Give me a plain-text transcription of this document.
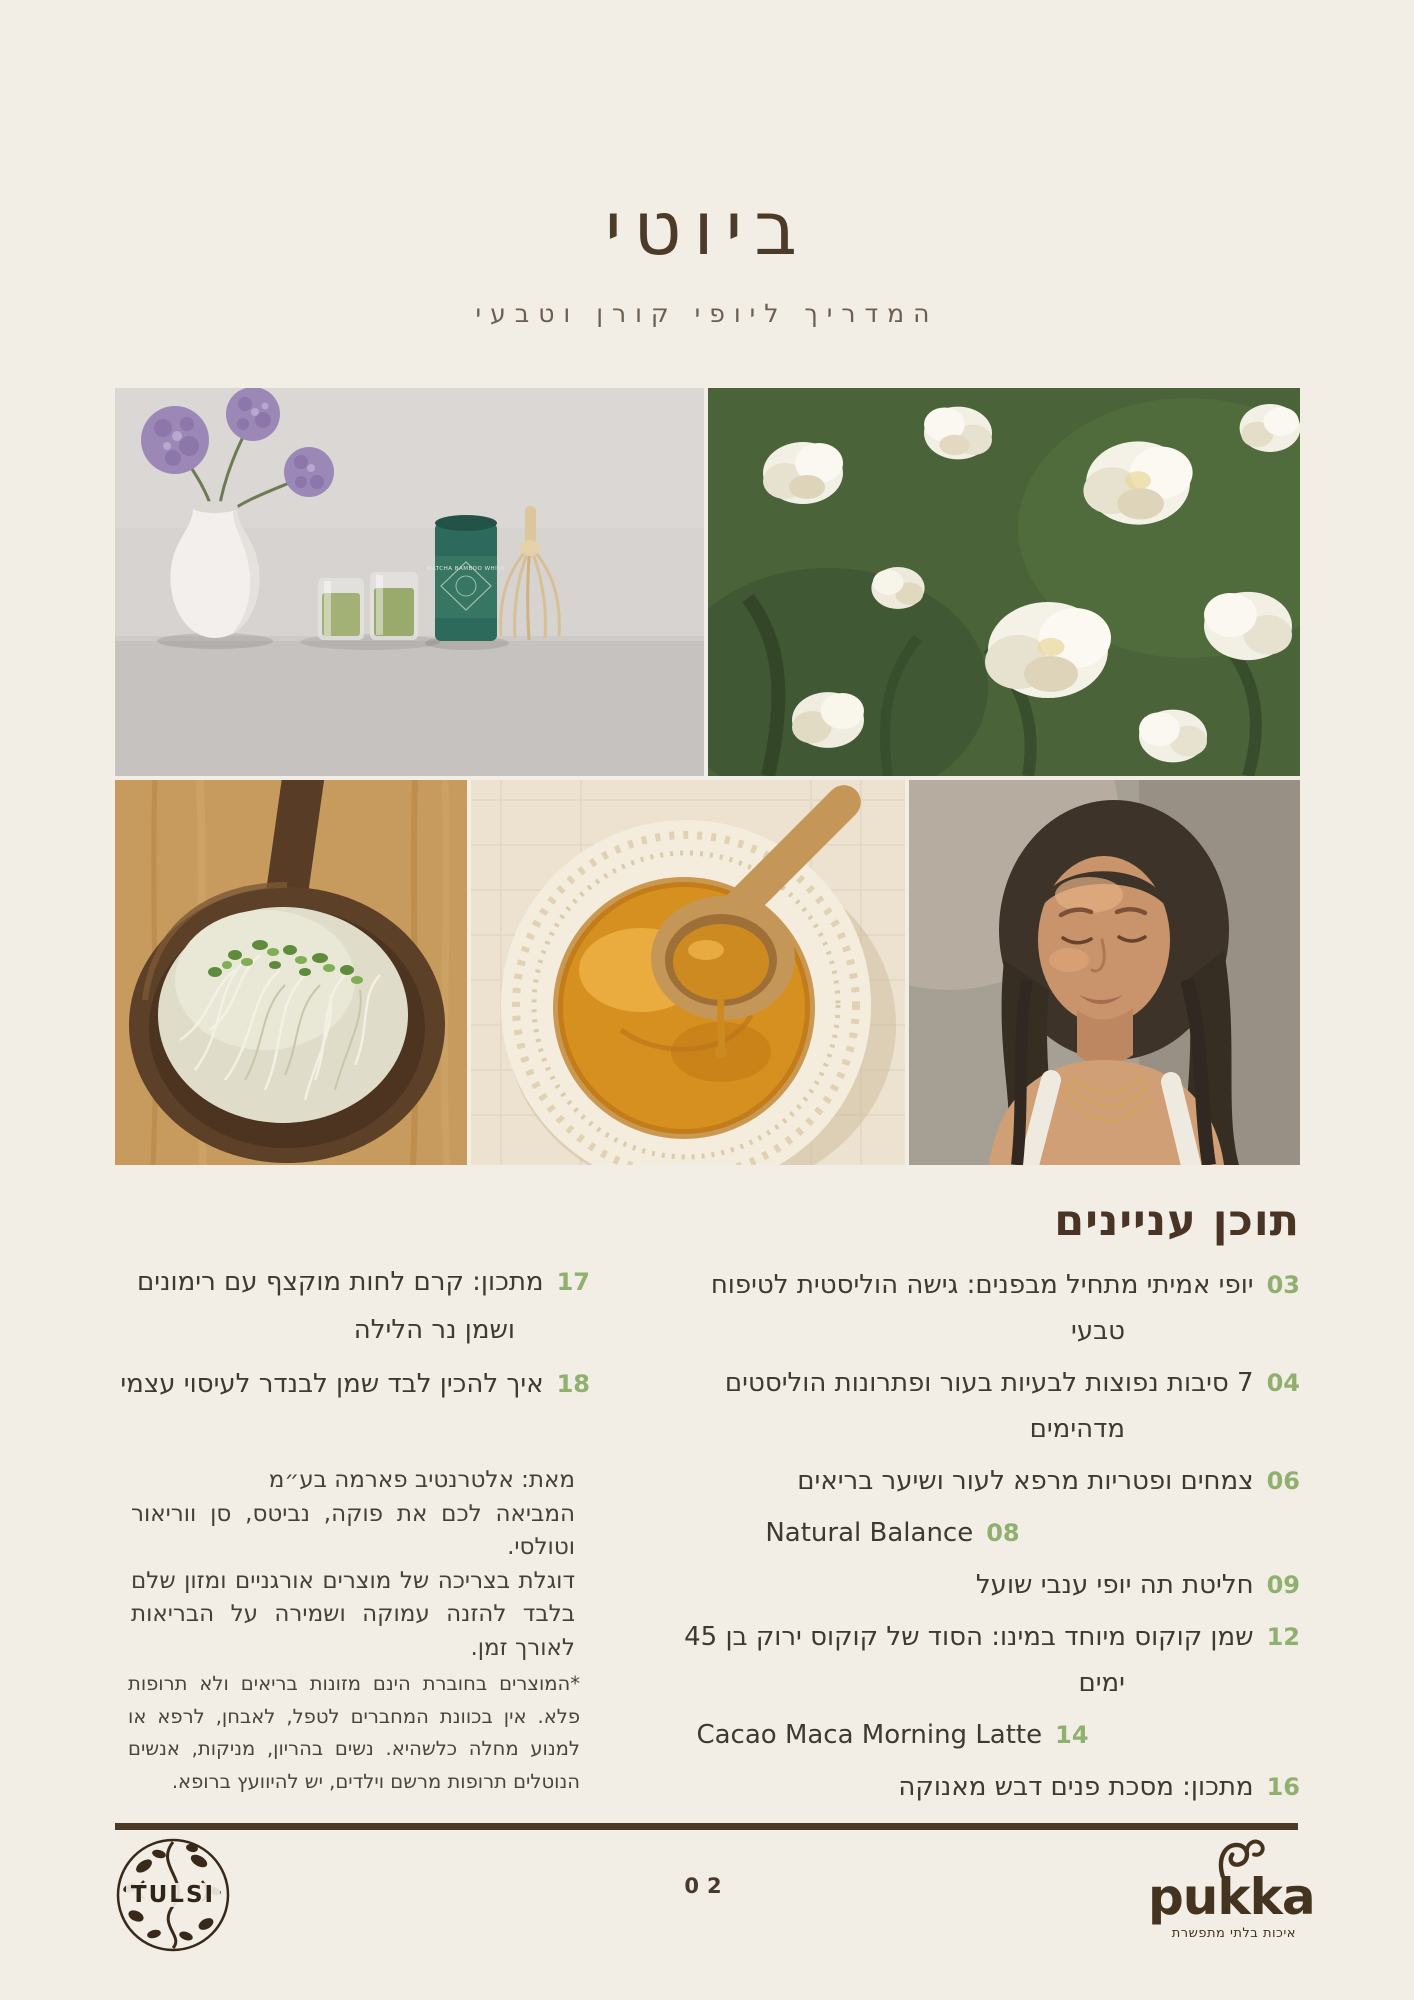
ביוטי
המדריך ליופי קורן וטבעי
MATCHA BAMBOO WHISK
תוכן עניינים
03יופי אמיתי מתחיל מבפנים: גישה הוליסטית לטיפוח טבעי
047 סיבות נפוצות לבעיות בעור ופתרונות הוליסטים מדהימים
06צמחים ופטריות מרפא לעור ושיער בריאים
08Natural Balance
09חליטת תה יופי ענבי שועל
12שמן קוקוס מיוחד במינו: הסוד של קוקוס ירוק בן 45 ימים
14Cacao Maca Morning Latte
16מתכון: מסכת פנים דבש מאנוקה
17מתכון: קרם לחות מוקצף עם רימונים ושמן נר הלילה
18איך להכין לבד שמן לבנדר לעיסוי עצמי

מאת: אלטרנטיב פארמה בע״מ

המביאה לכם את פוקה, נביטס, סן ווריאור וטולסי.

דוגלת בצריכה של מוצרים אורגניים ומזון שלם בלבד להזנה עמוקה ושמירה על הבריאות לאורך זמן.

*המוצרים בחוברת הינם מזונות בריאים ולא תרופות פלא. אין בכוונת המחברים לטפל, לאבחן, לרפא או למנוע מחלה כלשהיא. נשים בהריון, מניקות, אנשים הנוטלים תרופות מרשם וילדים, יש להיוועץ ברופא.
TULSI	02	pukka
איכות בלתי מתפשרת
